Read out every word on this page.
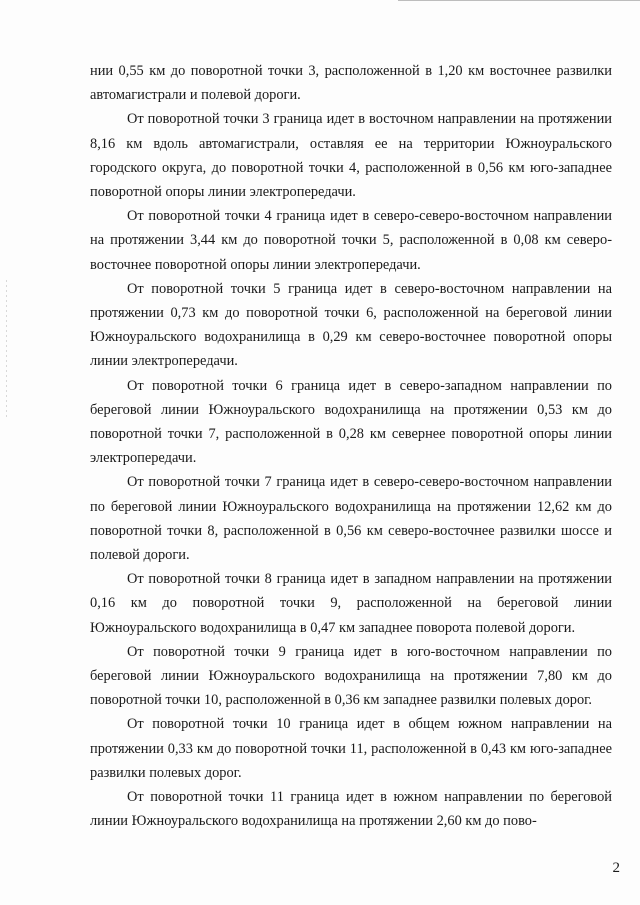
нии 0,55 км до поворотной точки 3, расположенной в 1,20 км восточнее развилки автомагистрали и полевой дороги.

От поворотной точки 3 граница идет в восточном направлении на протяжении 8,16 км вдоль автомагистрали, оставляя ее на территории Южноуральского городского округа, до поворотной точки 4, расположенной в 0,56 км юго-западнее поворотной опоры линии электропередачи.

От поворотной точки 4 граница идет в северо-северо-восточном направлении на протяжении 3,44 км до поворотной точки 5, расположенной в 0,08 км северо-восточнее поворотной опоры линии электропередачи.

От поворотной точки 5 граница идет в северо-восточном направлении на протяжении 0,73 км до поворотной точки 6, расположенной на береговой линии Южноуральского водохранилища в 0,29 км северо-восточнее поворотной опоры линии электропередачи.

От поворотной точки 6 граница идет в северо-западном направлении по береговой линии Южноуральского водохранилища на протяжении 0,53 км до поворотной точки 7, расположенной в 0,28 км севернее поворотной опоры линии электропередачи.

От поворотной точки 7 граница идет в северо-северо-восточном направлении по береговой линии Южноуральского водохранилища на протяжении 12,62 км до поворотной точки 8, расположенной в 0,56 км северо-восточнее развилки шоссе и полевой дороги.

От поворотной точки 8 граница идет в западном направлении на протяжении 0,16 км до поворотной точки 9, расположенной на береговой линии Южноуральского водохранилища в 0,47 км западнее поворота полевой дороги.

От поворотной точки 9 граница идет в юго-восточном направлении по береговой линии Южноуральского водохранилища на протяжении 7,80 км до поворотной точки 10, расположенной в 0,36 км западнее развилки полевых дорог.

От поворотной точки 10 граница идет в общем южном направлении на протяжении 0,33 км до поворотной точки 11, расположенной в 0,43 км юго-западнее развилки полевых дорог.

От поворотной точки 11 граница идет в южном направлении по береговой линии Южноуральского водохранилища на протяжении 2,60 км до пово-

2
